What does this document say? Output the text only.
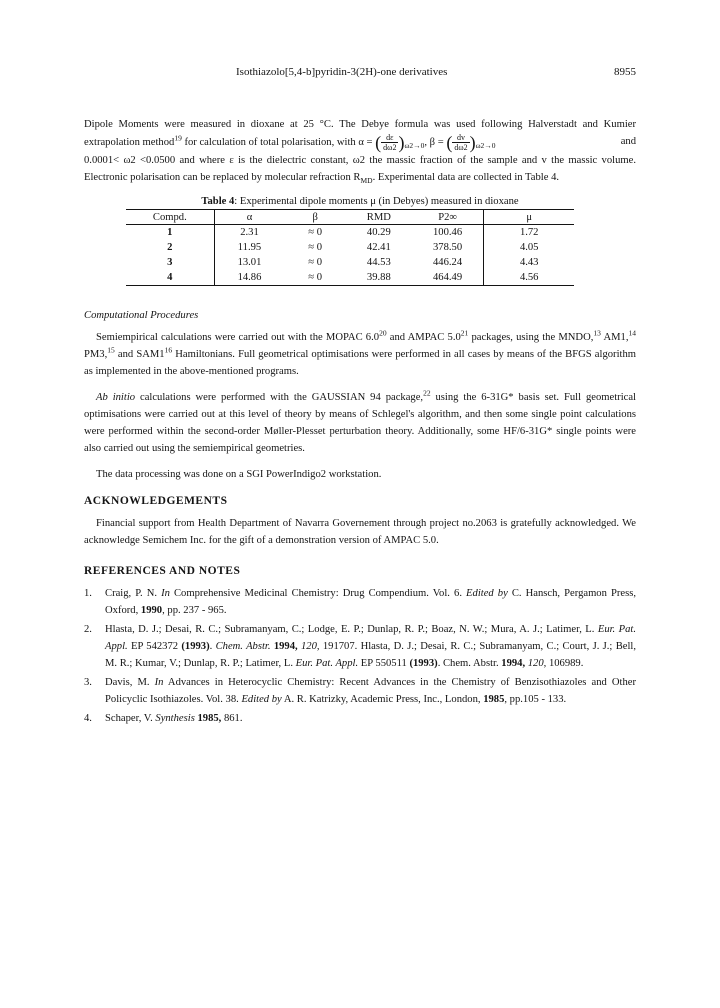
Isothiazolo[5,4-b]pyridin-3(2H)-one derivatives	8955

Dipole Moments were measured in dioxane at 25 °C. The Debye formula was used following Halverstadt and Kumier extrapolation method$^{19}$ for calculation of total polarisation, with α = ( $\frac{d\varepsilon}{d\omega 2} )_{\omega 2\to 0}$, β = ( $\frac{dv}{d\omega 2} )_{\omega 2\to 0}$	and

0.0001< ω2 <0.0500 and where ε is the dielectric constant, ω2 the massic fraction of the sample and v the massic volume. Electronic polarisation can be replaced by molecular refraction $R_{MD}$. Experimental data are collected in Table 4.

Table 4: Experimental dipole moments μ (in Debyes) measured in dioxane
Compd.	α	β	RMD	P2∞	μ
1	2.31	≈ 0	40.29	100.46	1.72
2	11.95	≈ 0	42.41	378.50	4.05
3	13.01	≈ 0	44.53	446.24	4.43
4	14.86	≈ 0	39.88	464.49	4.56
Computational Procedures

Semiempirical calculations were carried out with the MOPAC $6.0^{20}$ and AMPAC $5.0^{21}$ packages, using the MNDO,$^{13}$ AM1,14 PM3,15 and $SAM1^{16}$ Hamiltonians. Full geometrical optimisations were performed in all cases by means of the BFGS algorithm as implemented in the above-mentioned programs.

Ab initio calculations were performed with the GAUSSIAN 94 package,$^{22}$ using the 6-31G* basis set. Full geometrical optimisations were carried out at this level of theory by means of Schlegel's algorithm, and then some single point calculations were performed within the second-order Møller-Plesset perturbation theory. Additionally, some HF/6-31G* single points were also carried out using the semiempirical geometries.

The data processing was done on a SGI PowerIndigo2 workstation.

ACKNOWLEDGEMENTS

Financial support from Health Department of Navarra Governement through project no.2063 is gratefully acknowledged. We acknowledge Semichem Inc. for the gift of a demonstration version of AMPAC 5.0.

REFERENCES AND NOTES
1. Craig, P. N. In Comprehensive Medicinal Chemistry: Drug Compendium. Vol. 6. Edited by C. Hansch, Pergamon Press, Oxford, 1990, pp. 237 - 965.
2. Hlasta, D. J.; Desai, R. C.; Subramanyam, C.; Lodge, E. P.; Dunlap, R. P.; Boaz, N. W.; Mura, A. J.; Latimer, L. Eur. Pat. Appl. EP 542372 (1993). Chem. Abstr. 1994, 120, 191707. Hlasta, D. J.; Desai, R. C.; Subramanyam, C.; Court, J. J.; Bell, M. R.; Kumar, V.; Dunlap, R. P.; Latimer, L. Eur. Pat. Appl. EP 550511 (1993). Chem. Abstr. 1994, 120, 106989.
3. Davis, M. In Advances in Heterocyclic Chemistry: Recent Advances in the Chemistry of Benzisothiazoles and Other Policyclic Isothiazoles. Vol. 38. Edited by A. R. Katrizky, Academic Press, Inc., London, 1985, pp.105 - 133.
4. Schaper, V. Synthesis 1985, 861.
